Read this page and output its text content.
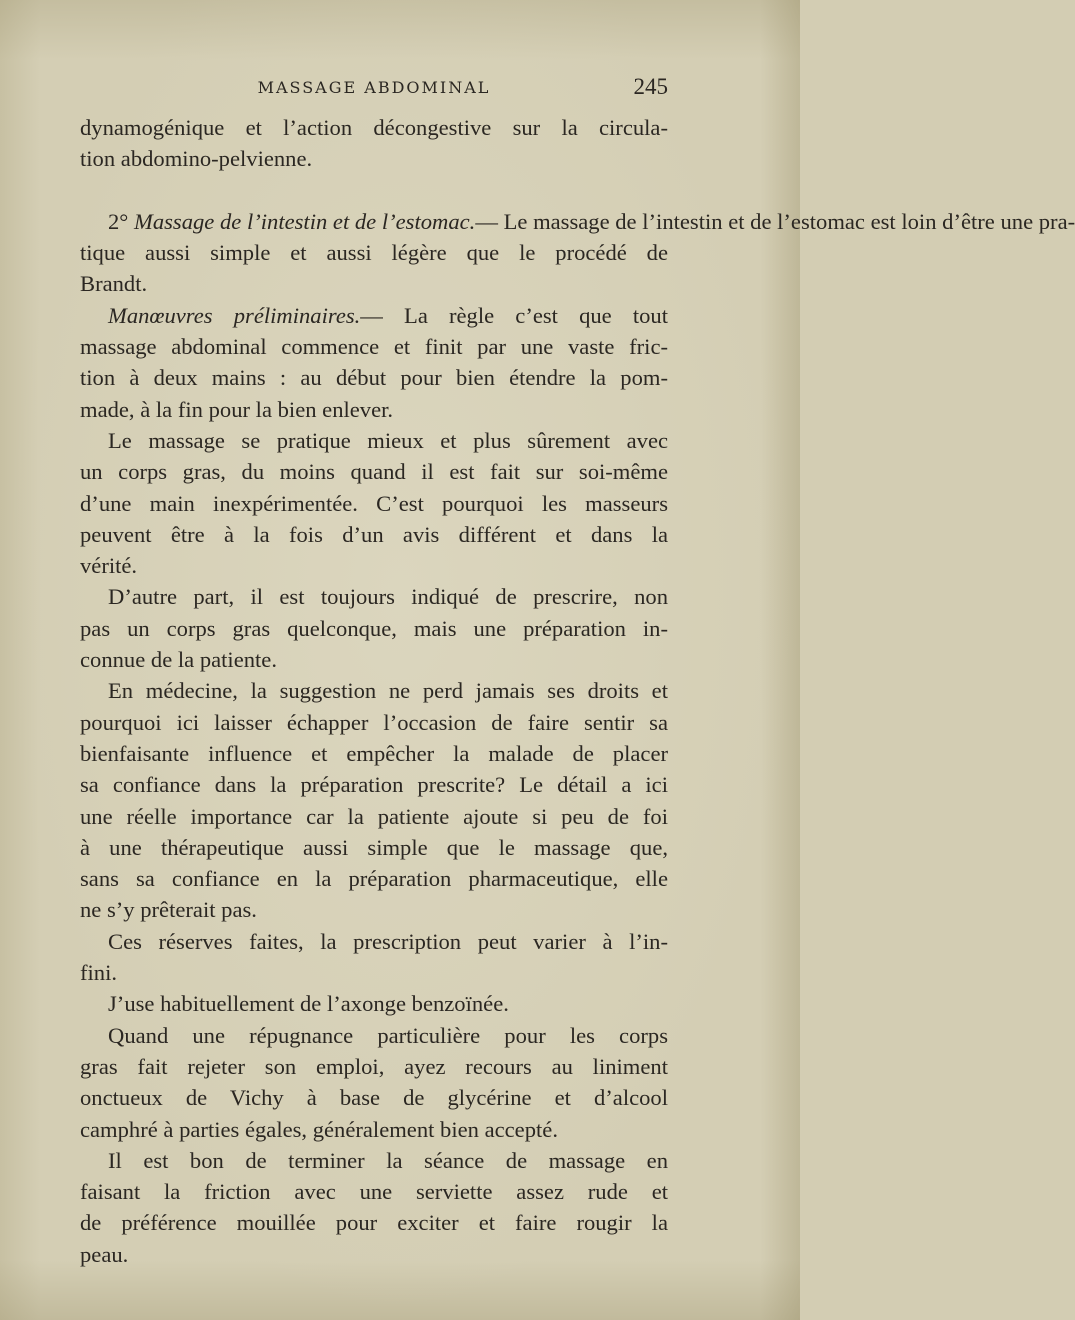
MASSAGE ABDOMINAL	245
dynamogénique et l’action décongestive sur la circula-
tion abdomino-pelvienne.
2° Massage de l’intestin et de l’estomac.— Le massage de l’intestin et de l’estomac est loin d’être une pra-
tique aussi simple et aussi légère que le procédé de
Brandt.
Manœuvres préliminaires.— La règle c’est que tout
massage abdominal commence et finit par une vaste fric-
tion à deux mains : au début pour bien étendre la pom-
made, à la fin pour la bien enlever.
Le massage se pratique mieux et plus sûrement avec
un corps gras, du moins quand il est fait sur soi-même
d’une main inexpérimentée. C’est pourquoi les masseurs
peuvent être à la fois d’un avis différent et dans la
vérité.
D’autre part, il est toujours indiqué de prescrire, non
pas un corps gras quelconque, mais une préparation in-
connue de la patiente.
En médecine, la suggestion ne perd jamais ses droits et
pourquoi ici laisser échapper l’occasion de faire sentir sa
bienfaisante influence et empêcher la malade de placer
sa confiance dans la préparation prescrite? Le détail a ici
une réelle importance car la patiente ajoute si peu de foi
à une thérapeutique aussi simple que le massage que,
sans sa confiance en la préparation pharmaceutique, elle
ne s’y prêterait pas.
Ces réserves faites, la prescription peut varier à l’in-
fini.
J’use habituellement de l’axonge benzoïnée.
Quand une répugnance particulière pour les corps
gras fait rejeter son emploi, ayez recours au liniment
onctueux de Vichy à base de glycérine et d’alcool
camphré à parties égales, généralement bien accepté.
Il est bon de terminer la séance de massage en
faisant la friction avec une serviette assez rude et
de préférence mouillée pour exciter et faire rougir la
peau.
